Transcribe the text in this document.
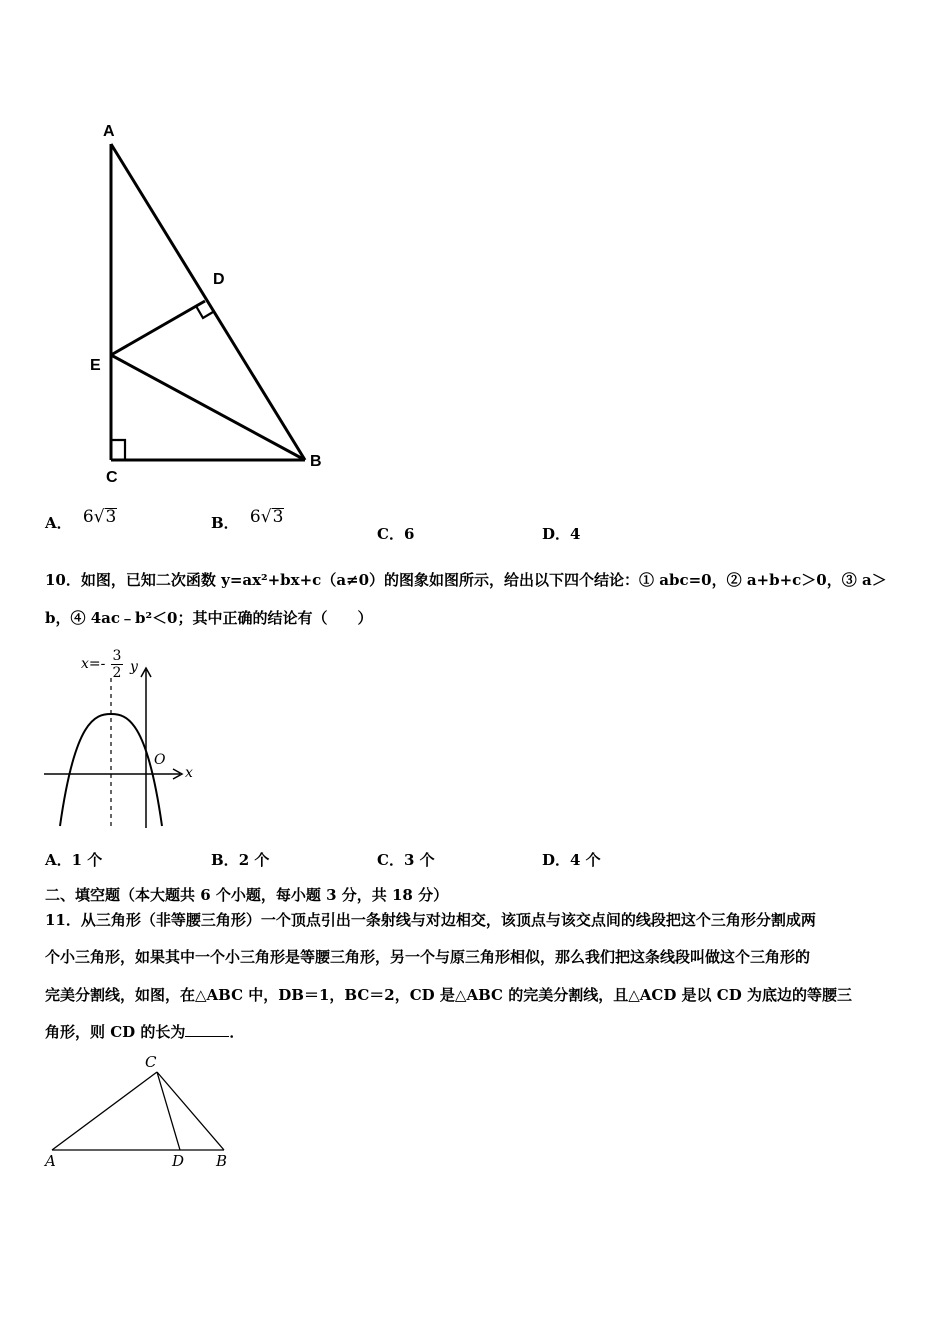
A
D
E
C
B
A． 6√3	B． 6√3
C．6	D．4
10．如图，已知二次函数 y=ax²+bx+c（a≠0）的图象如图所示，给出以下四个结论：① abc=0，② a+b+c＞0，③ a＞
b，④ 4ac﹣b²＜0；其中正确的结论有（　　）
$x=- \frac{3}{2}$ y
O
x
A．1 个	B．2 个	C．3 个	D．4 个
二、填空题（本大题共 6 个小题，每小题 3 分，共 18 分）
11．从三角形（非等腰三角形）一个顶点引出一条射线与对边相交，该顶点与该交点间的线段把这个三角形分割成两
个小三角形，如果其中一个小三角形是等腰三角形，另一个与原三角形相似，那么我们把这条线段叫做这个三角形的
完美分割线，如图，在△ABC 中，DB＝1，BC＝2，CD 是△ABC 的完美分割线，且△ACD 是以 CD 为底边的等腰三
角形，则 CD 的长为	．
C
A	D B
